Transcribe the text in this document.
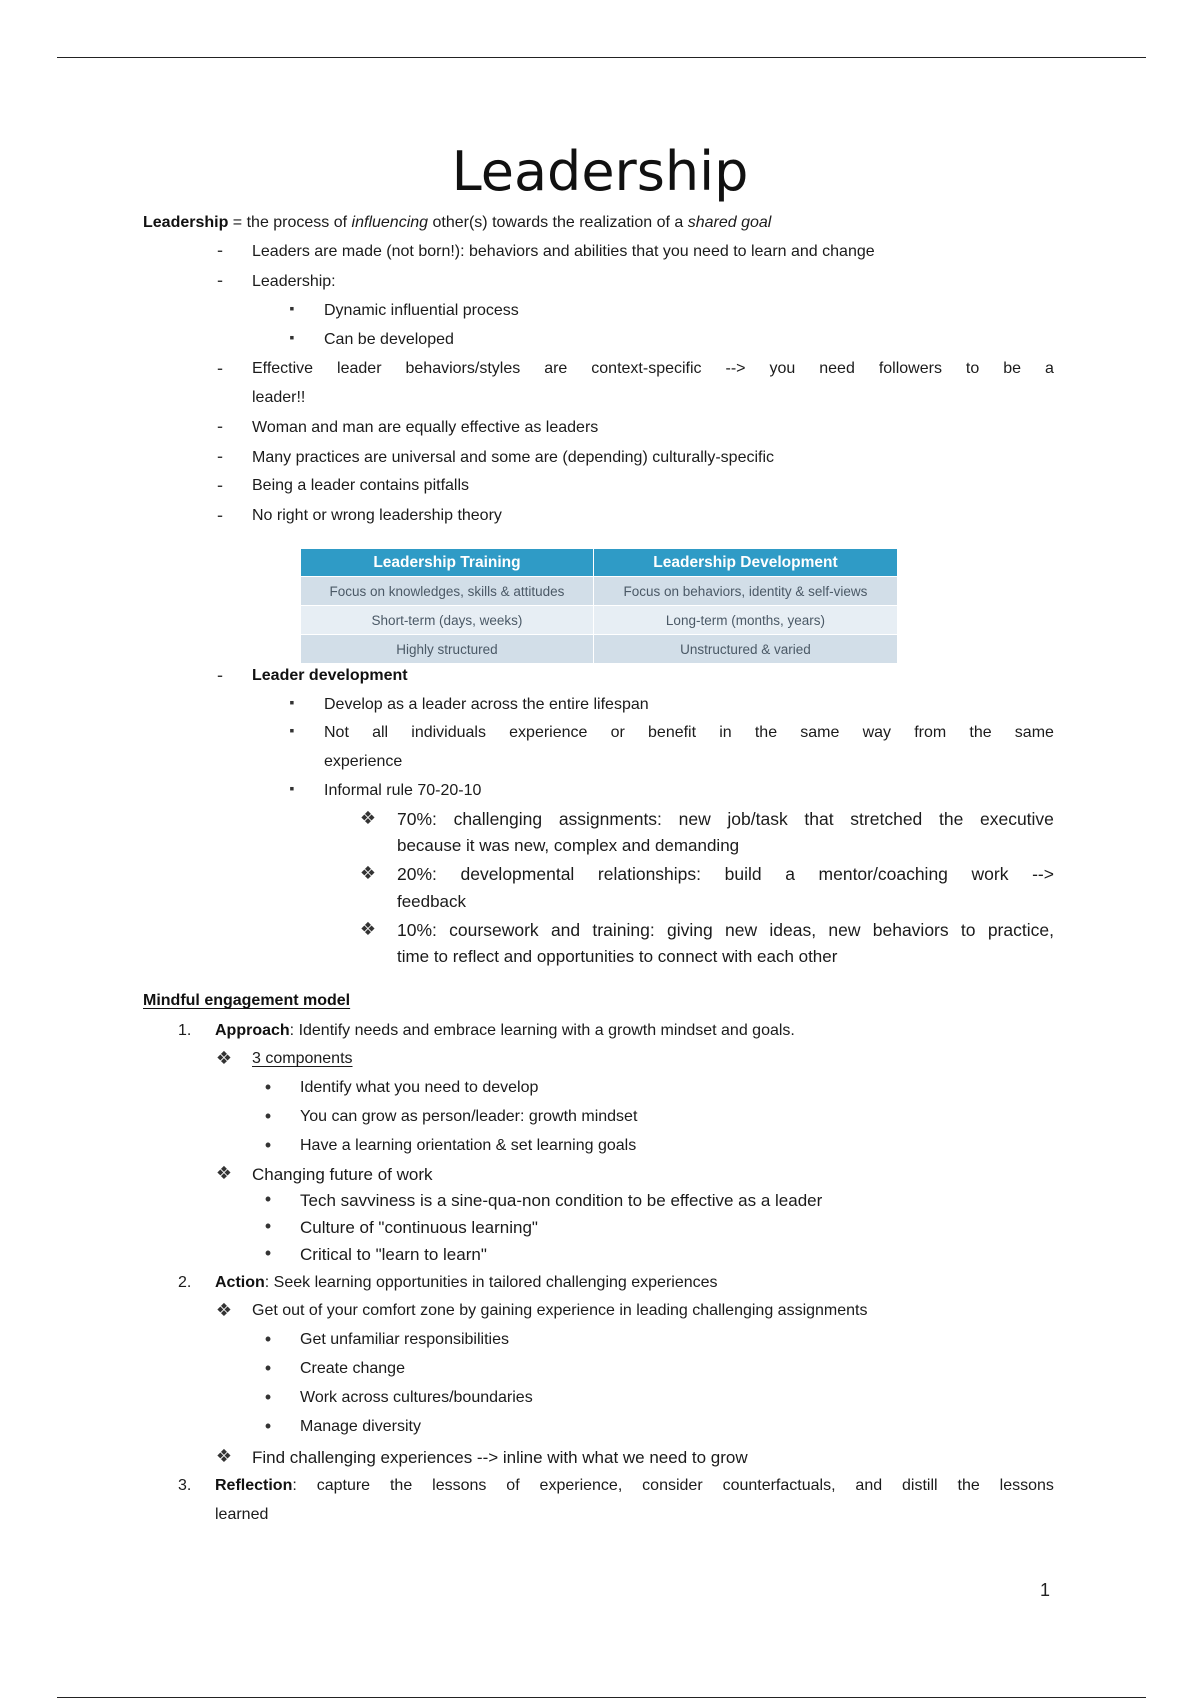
Leadership
Leadership = the process of influencing other(s) towards the realization of a shared goal
- Leaders are made (not born!): behaviors and abilities that you need to learn and change
- Leadership:
▪ Dynamic influential process
▪ Can be developed
- Effective leader behaviors/styles are context-specific --> you need followers to be a
leader!!
- Woman and man are equally effective as leaders
- Many practices are universal and some are (depending) culturally-specific
- Being a leader contains pitfalls
- No right or wrong leadership theory
Leadership Training	Leadership Development
Focus on knowledges, skills & attitudes	Focus on behaviors, identity & self-views
Short-term (days, weeks)	Long-term (months, years)
Highly structured	Unstructured & varied
- Leader development
▪ Develop as a leader across the entire lifespan
▪ Not all individuals experience or benefit in the same way from the same
experience
▪ Informal rule 70-20-10
❖ 70%: challenging assignments: new job/task that stretched the executive
because it was new, complex and demanding
❖ 20%: developmental relationships: build a mentor/coaching work -->
feedback
❖ 10%: coursework and training: giving new ideas, new behaviors to practice,
time to reflect and opportunities to connect with each other
Mindful engagement model
1. Approach: Identify needs and embrace learning with a growth mindset and goals.
❖ 3 components
• Identify what you need to develop
• You can grow as person/leader: growth mindset
• Have a learning orientation & set learning goals
❖ Changing future of work
• Tech savviness is a sine-qua-non condition to be effective as a leader
• Culture of "continuous learning"
• Critical to "learn to learn"
2. Action: Seek learning opportunities in tailored challenging experiences
❖ Get out of your comfort zone by gaining experience in leading challenging assignments
• Get unfamiliar responsibilities
• Create change
• Work across cultures/boundaries
• Manage diversity
❖ Find challenging experiences --> inline with what we need to grow
3. Reflection: capture the lessons of experience, consider counterfactuals, and distill the lessons
learned
1
